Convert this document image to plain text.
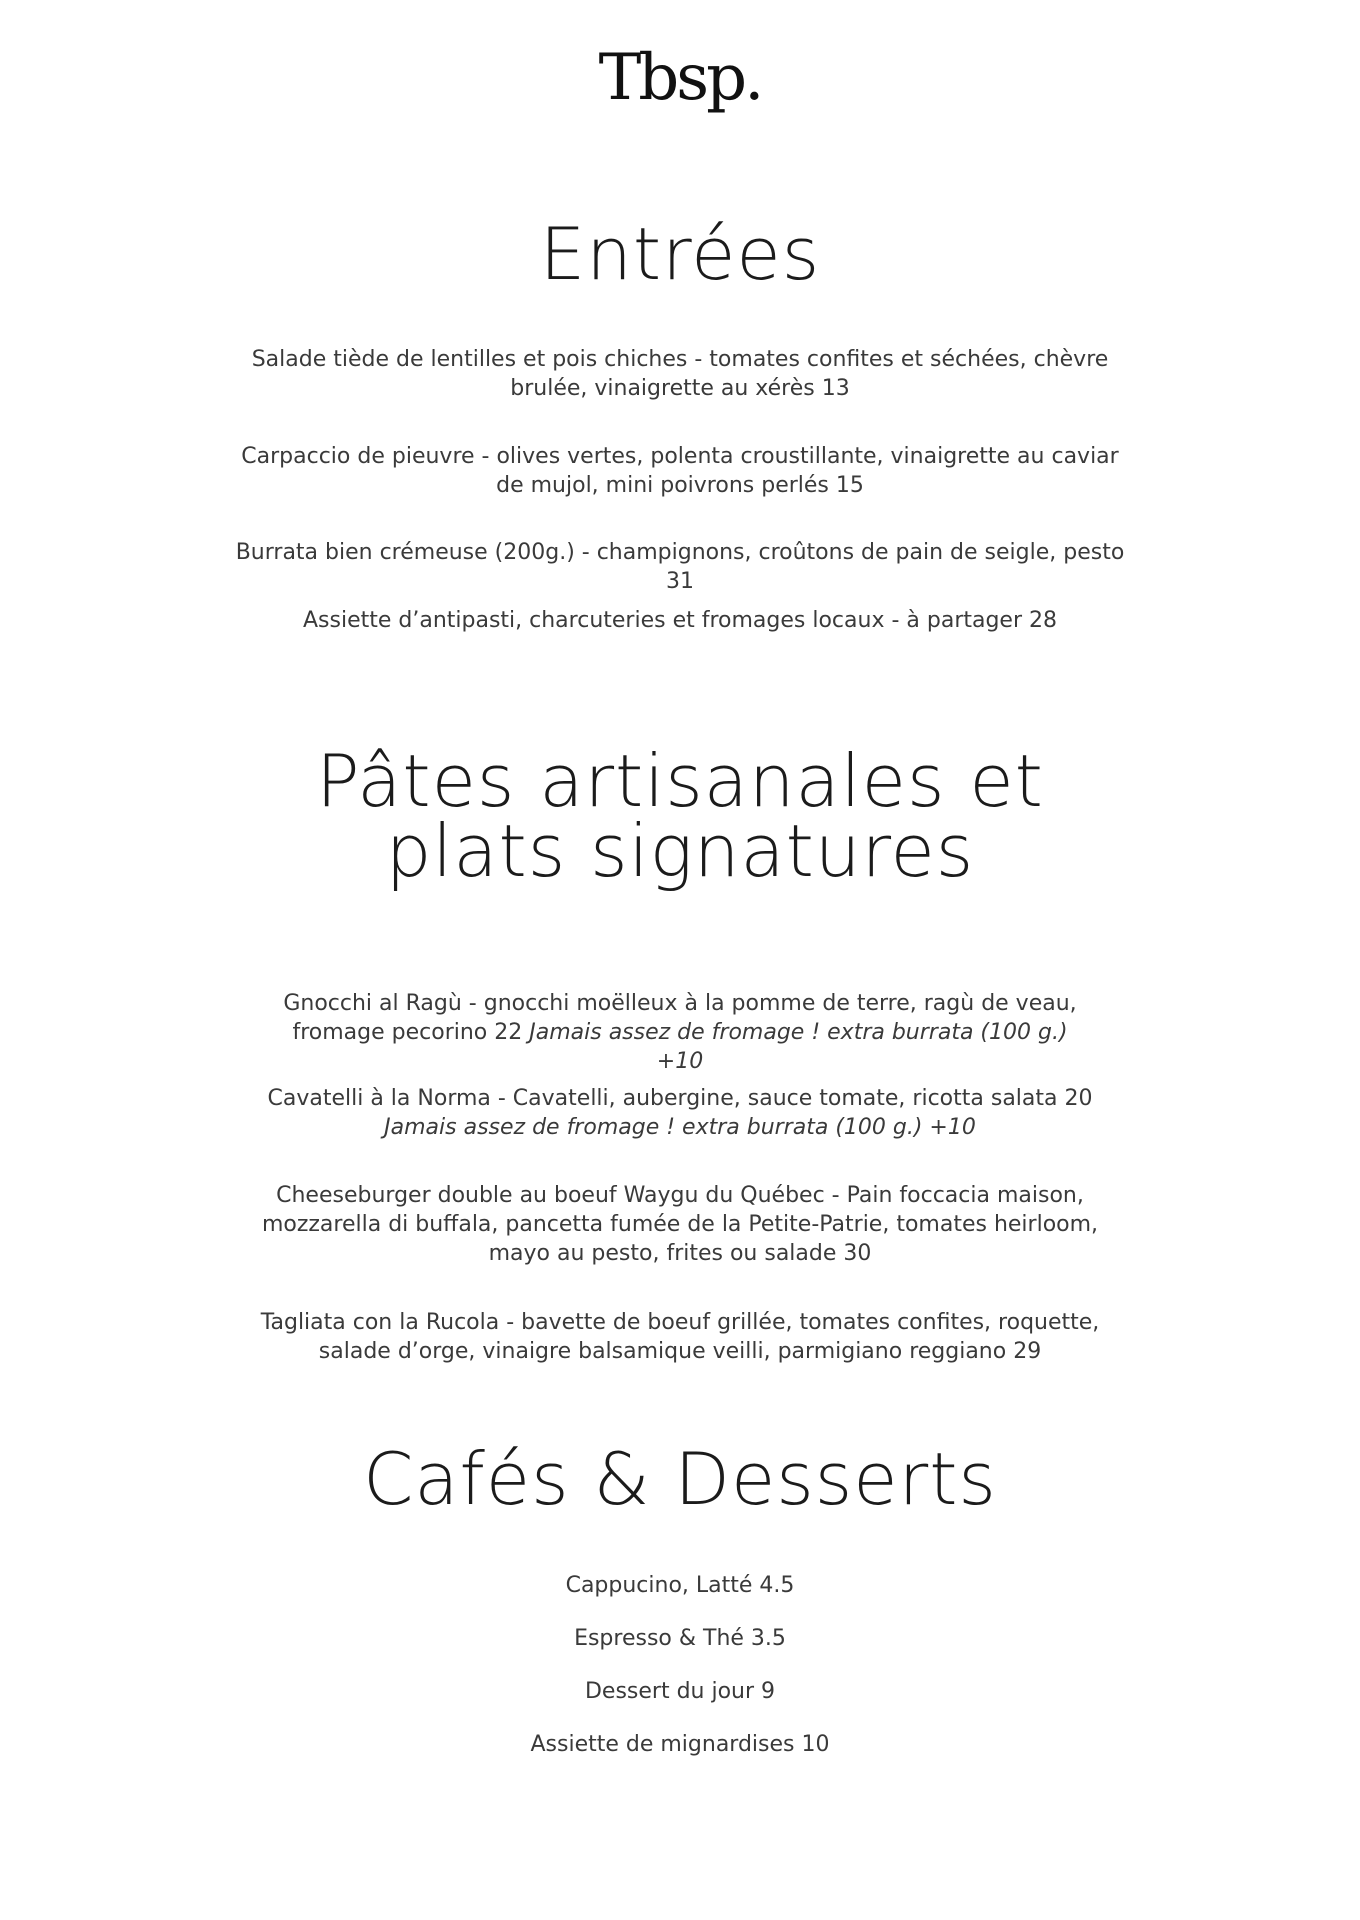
Tbsp.
Entrées

Salade tiède de lentilles et pois chiches - tomates confites et séchées, chèvre brulée, vinaigrette au xérès 13

Carpaccio de pieuvre - olives vertes, polenta croustillante, vinaigrette au caviar de mujol, mini poivrons perlés 15

Burrata bien crémeuse (200g.) - champignons, croûtons de pain de seigle, pesto 31

Assiette d’antipasti, charcuteries et fromages locaux - à partager 28

Pâtes artisanales et
plats signatures

Gnocchi al Ragù - gnocchi moëlleux à la pomme de terre, ragù de veau, fromage pecorino 22 Jamais assez de fromage ! extra burrata (100 g.) +10

Cavatelli à la Norma - Cavatelli, aubergine, sauce tomate, ricotta salata 20
Jamais assez de fromage ! extra burrata (100 g.) +10

Cheeseburger double au boeuf Waygu du Québec - Pain foccacia maison, mozzarella di buffala, pancetta fumée de la Petite-Patrie, tomates heirloom, mayo au pesto, frites ou salade 30

Tagliata con la Rucola - bavette de boeuf grillée, tomates confites, roquette, salade d’orge, vinaigre balsamique veilli, parmigiano reggiano 29

Cafés & Desserts

Cappucino, Latté 4.5

Espresso & Thé 3.5

Dessert du jour 9

Assiette de mignardises 10
